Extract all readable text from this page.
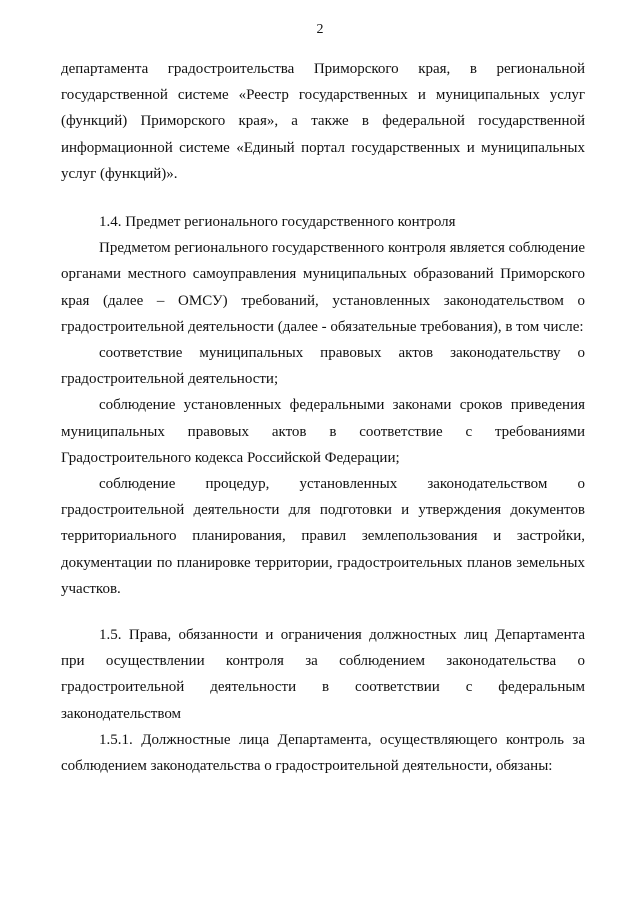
2

департамента градостроительства Приморского края, в региональной государственной системе «Реестр государственных и муниципальных услуг (функций) Приморского края», а также в федеральной государственной информационной системе «Единый портал государственных и муниципальных услуг (функций)».

1.4. Предмет регионального государственного контроля

Предметом регионального государственного контроля является соблюдение органами местного самоуправления муниципальных образований Приморского края (далее – ОМСУ) требований, установленных законодательством о градостроительной деятельности (далее - обязательные требования), в том числе:

соответствие муниципальных правовых актов законодательству о градостроительной деятельности;

соблюдение установленных федеральными законами сроков приведения муниципальных правовых актов в соответствие с требованиями Градостроительного кодекса Российской Федерации;

соблюдение процедур, установленных законодательством о градостроительной деятельности для подготовки и утверждения документов территориального планирования, правил землепользования и застройки, документации по планировке территории, градостроительных планов земельных участков.

1.5. Права, обязанности и ограничения должностных лиц Департамента при осуществлении контроля за соблюдением законодательства о градостроительной деятельности в соответствии с федеральным законодательством

1.5.1. Должностные лица Департамента, осуществляющего контроль за соблюдением законодательства о градостроительной деятельности, обязаны:
